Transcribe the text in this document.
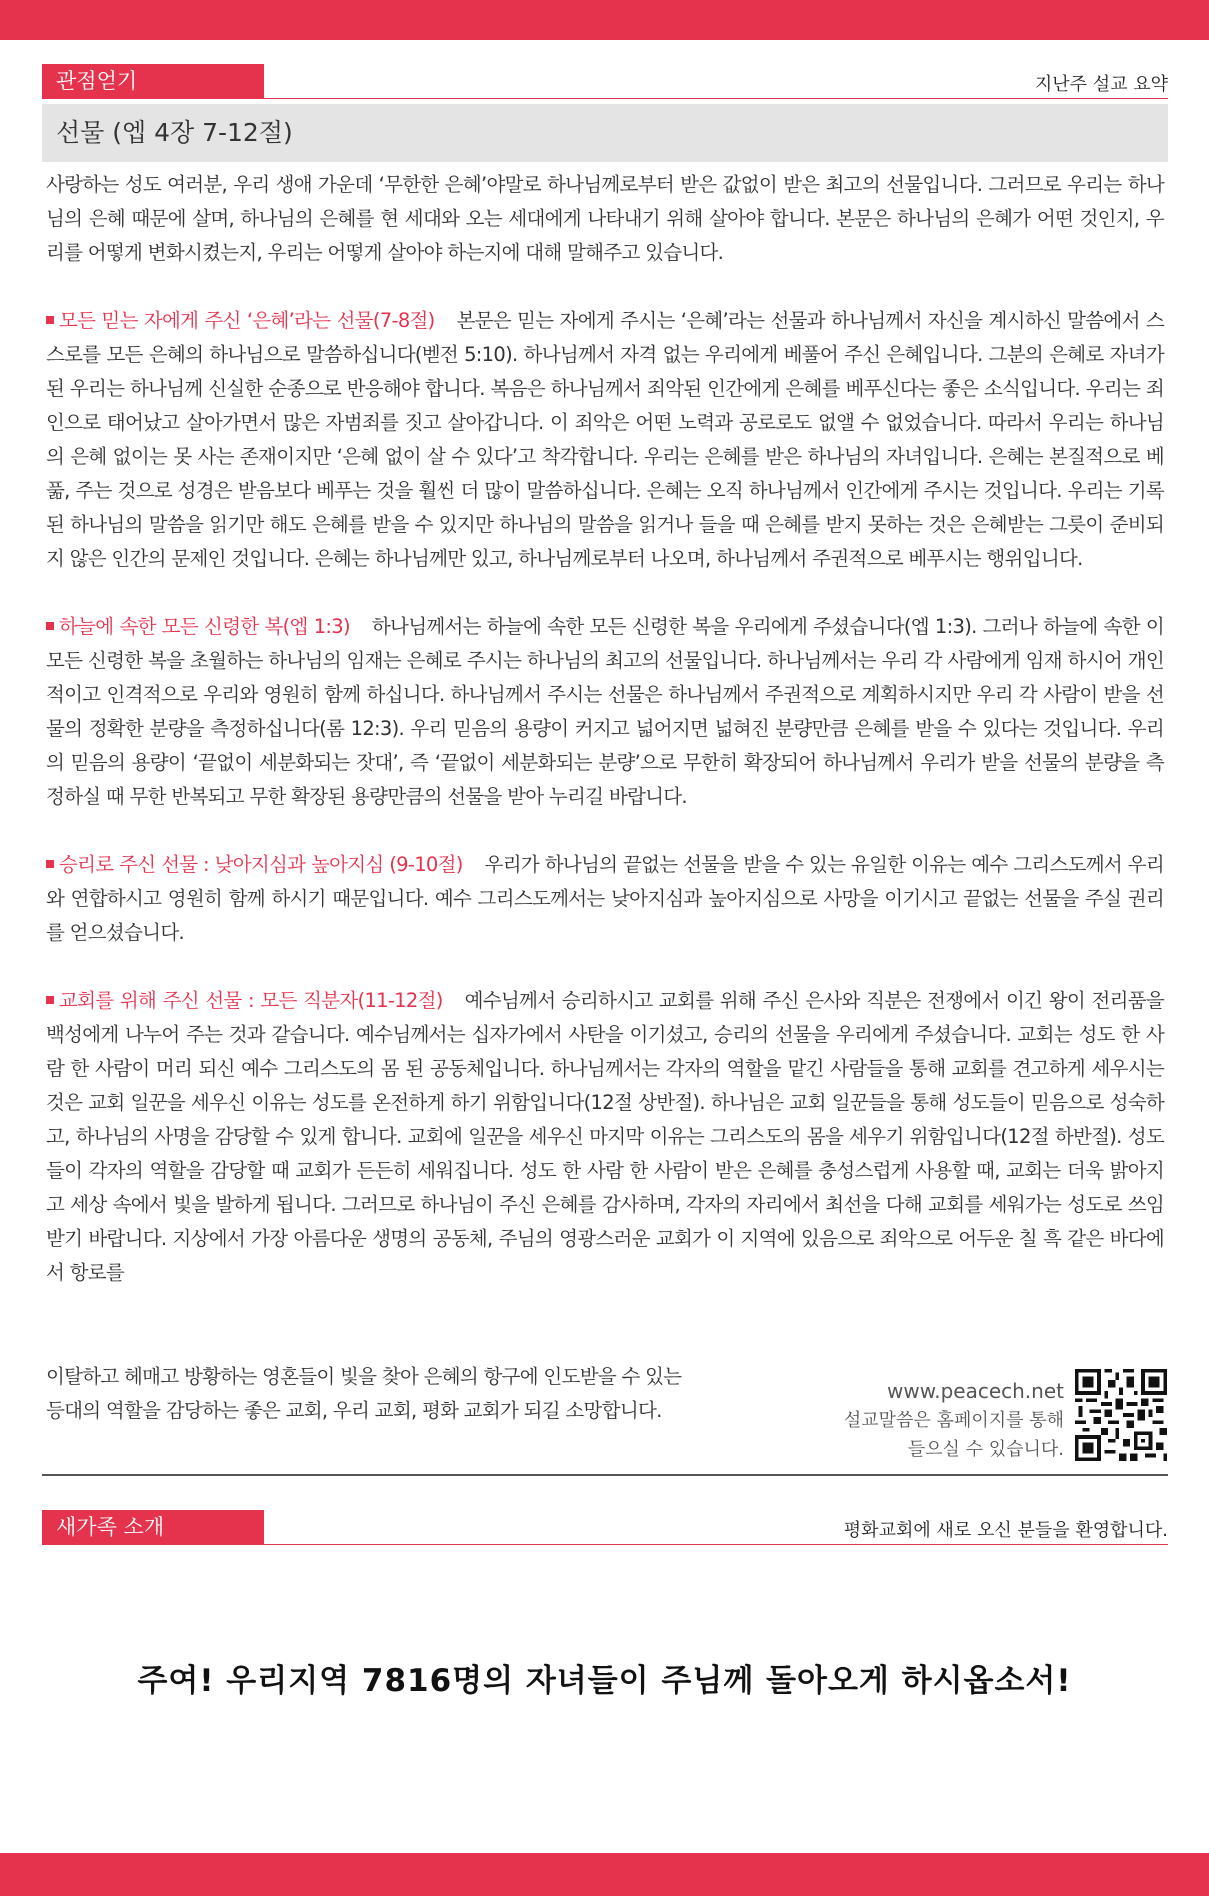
관점얻기	지난주 설교 요약
선물 (엡 4장 7-12절)

사랑하는 성도 여러분, 우리 생애 가운데 ‘무한한 은혜’야말로 하나님께로부터 받은 값없이 받은 최고의 선물입니다. 그러므로 우리는 하나님의 은혜 때문에 살며, 하나님의 은혜를 현 세대와 오는 세대에게 나타내기 위해 살아야 합니다. 본문은 하나님의 은혜가 어떤 것인지, 우리를 어떻게 변화시켰는지, 우리는 어떻게 살아야 하는지에 대해 말해주고 있습니다.

모든 믿는 자에게 주신 ‘은혜’라는 선물(7-8절) 본문은 믿는 자에게 주시는 ‘은혜’라는 선물과 하나님께서 자신을 계시하신 말씀에서 스스로를 모든 은혜의 하나님으로 말씀하십니다(벧전 5:10). 하나님께서 자격 없는 우리에게 베풀어 주신 은혜입니다. 그분의 은혜로 자녀가 된 우리는 하나님께 신실한 순종으로 반응해야 합니다. 복음은 하나님께서 죄악된 인간에게 은혜를 베푸신다는 좋은 소식입니다. 우리는 죄인으로 태어났고 살아가면서 많은 자범죄를 짓고 살아갑니다. 이 죄악은 어떤 노력과 공로로도 없앨 수 없었습니다. 따라서 우리는 하나님의 은혜 없이는 못 사는 존재이지만 ‘은혜 없이 살 수 있다’고 착각합니다. 우리는 은혜를 받은 하나님의 자녀입니다. 은혜는 본질적으로 베풂, 주는 것으로 성경은 받음보다 베푸는 것을 훨씬 더 많이 말씀하십니다. 은혜는 오직 하나님께서 인간에게 주시는 것입니다. 우리는 기록된 하나님의 말씀을 읽기만 해도 은혜를 받을 수 있지만 하나님의 말씀을 읽거나 들을 때 은혜를 받지 못하는 것은 은혜받는 그릇이 준비되지 않은 인간의 문제인 것입니다. 은혜는 하나님께만 있고, 하나님께로부터 나오며, 하나님께서 주권적으로 베푸시는 행위입니다.

하늘에 속한 모든 신령한 복(엡 1:3) 하나님께서는 하늘에 속한 모든 신령한 복을 우리에게 주셨습니다(엡 1:3). 그러나 하늘에 속한 이 모든 신령한 복을 초월하는 하나님의 임재는 은혜로 주시는 하나님의 최고의 선물입니다. 하나님께서는 우리 각 사람에게 임재 하시어 개인적이고 인격적으로 우리와 영원히 함께 하십니다. 하나님께서 주시는 선물은 하나님께서 주권적으로 계획하시지만 우리 각 사람이 받을 선물의 정확한 분량을 측정하십니다(롬 12:3). 우리 믿음의 용량이 커지고 넓어지면 넓혀진 분량만큼 은혜를 받을 수 있다는 것입니다. 우리의 믿음의 용량이 ‘끝없이 세분화되는 잣대’, 즉 ‘끝없이 세분화되는 분량’으로 무한히 확장되어 하나님께서 우리가 받을 선물의 분량을 측정하실 때 무한 반복되고 무한 확장된 용량만큼의 선물을 받아 누리길 바랍니다.

승리로 주신 선물 : 낮아지심과 높아지심 (9-10절) 우리가 하나님의 끝없는 선물을 받을 수 있는 유일한 이유는 예수 그리스도께서 우리와 연합하시고 영원히 함께 하시기 때문입니다. 예수 그리스도께서는 낮아지심과 높아지심으로 사망을 이기시고 끝없는 선물을 주실 권리를 얻으셨습니다.

교회를 위해 주신 선물 : 모든 직분자(11-12절) 예수님께서 승리하시고 교회를 위해 주신 은사와 직분은 전쟁에서 이긴 왕이 전리품을 백성에게 나누어 주는 것과 같습니다. 예수님께서는 십자가에서 사탄을 이기셨고, 승리의 선물을 우리에게 주셨습니다. 교회는 성도 한 사람 한 사람이 머리 되신 예수 그리스도의 몸 된 공동체입니다. 하나님께서는 각자의 역할을 맡긴 사람들을 통해 교회를 견고하게 세우시는 것은 교회 일꾼을 세우신 이유는 성도를 온전하게 하기 위함입니다(12절 상반절). 하나님은 교회 일꾼들을 통해 성도들이 믿음으로 성숙하고, 하나님의 사명을 감당할 수 있게 합니다. 교회에 일꾼을 세우신 마지막 이유는 그리스도의 몸을 세우기 위함입니다(12절 하반절). 성도들이 각자의 역할을 감당할 때 교회가 든든히 세워집니다. 성도 한 사람 한 사람이 받은 은혜를 충성스럽게 사용할 때, 교회는 더욱 밝아지고 세상 속에서 빛을 발하게 됩니다. 그러므로 하나님이 주신 은혜를 감사하며, 각자의 자리에서 최선을 다해 교회를 세워가는 성도로 쓰임 받기 바랍니다. 지상에서 가장 아름다운 생명의 공동체, 주님의 영광스러운 교회가 이 지역에 있음으로 죄악으로 어두운 칠 흑 같은 바다에서 항로를

이탈하고 헤매고 방황하는 영혼들이 빛을 찾아 은혜의 항구에 인도받을 수 있는
등대의 역할을 감당하는 좋은 교회, 우리 교회, 평화 교회가 되길 소망합니다.
www.peacech.net
설교말씀은 홈페이지를 통해
들으실 수 있습니다.
새가족 소개	평화교회에 새로 오신 분들을 환영합니다.
주여! 우리지역 7816명의 자녀들이 주님께 돌아오게 하시옵소서!
